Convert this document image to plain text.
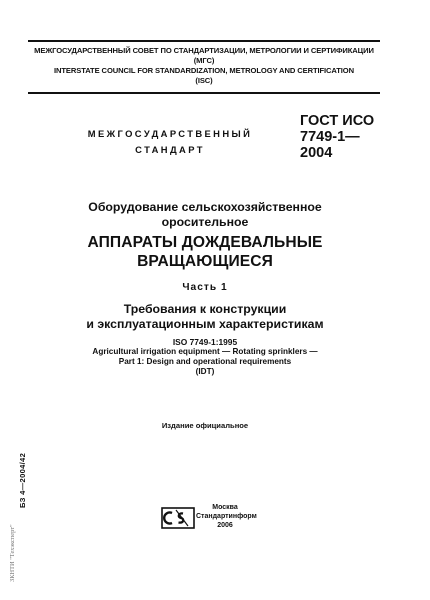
МЕЖГОСУДАРСТВЕННЫЙ СОВЕТ ПО СТАНДАРТИЗАЦИИ, МЕТРОЛОГИИ И СЕРТИФИКАЦИИ
(МГС)
INTERSTATE COUNCIL FOR STANDARDIZATION, METROLOGY AND CERTIFICATION
(ISC)
МЕЖГОСУДАРСТВЕННЫЙ
СТАНДАРТ
ГОСТ ИСО
7749-1—
2004
Оборудование сельскохозяйственное
оросительное
АППАРАТЫ ДОЖДЕВАЛЬНЫЕ
ВРАЩАЮЩИЕСЯ
Часть 1
Требования к конструкции
и эксплуатационным характеристикам
ISO 7749-1:1995
Agricultural irrigation equipment — Rotating sprinklers —
Part 1: Design and operational requirements
(IDT)
Издание официальное
БЗ 4—2004/42
ЗКНТИ "Техэксперт"
Москва
Стандартинформ
2006
